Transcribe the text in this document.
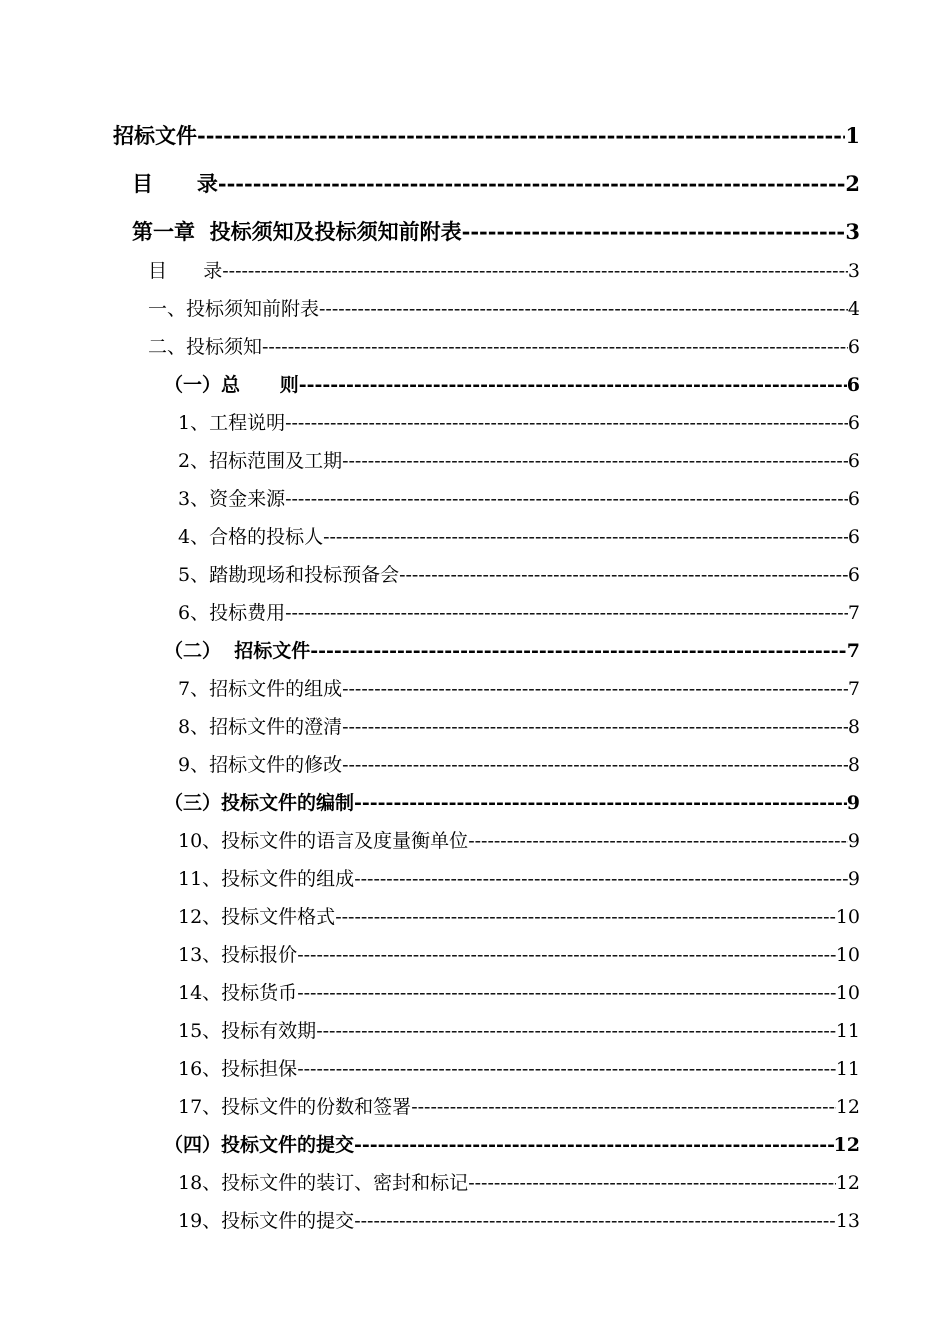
招标文件 -----	1
目      录 -----	2
第一章  投标须知及投标须知前附表 -----	3
目      录 -----	3
一、投标须知前附表 -----	4
二、投标须知 -----	6
（一）总      则 -----	6
1、工程说明 -----	6
2、招标范围及工期 -----	6
3、资金来源 -----	6
4、合格的投标人 -----	6
5、踏勘现场和投标预备会 -----	6
6、投标费用 -----	7
（二）  招标文件 -----	7
7、招标文件的组成 -----	7
8、招标文件的澄清 -----	8
9、招标文件的修改 -----	8
（三）投标文件的编制 -----	9
10、投标文件的语言及度量衡单位 -----	9
11、投标文件的组成 -----	9
12、投标文件格式 -----	10
13、投标报价 -----	10
14、投标货币 -----	10
15、投标有效期 -----	11
16、投标担保 -----	11
17、投标文件的份数和签署 -----	12
（四）投标文件的提交 -----	12
18、投标文件的装订、密封和标记 -----	12
19、投标文件的提交 -----	13
